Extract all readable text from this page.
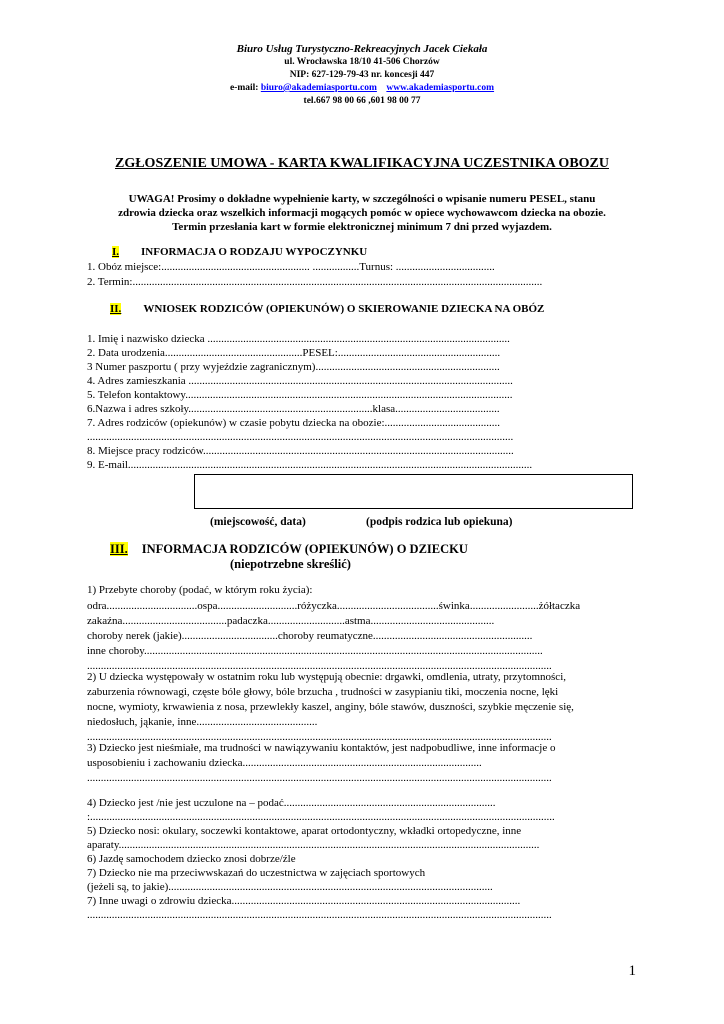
Biuro Usług Turystyczno-Rekreacyjnych Jacek Ciekała
ul. Wrocławska 18/10 41-506 Chorzów
NIP: 627-129-79-43 nr. koncesji 447
e-mail: biuro@akademiasportu.com www.akademiasportu.com
tel.667 98 00 66 ,601 98 00 77
ZGŁOSZENIE UMOWA - KARTA KWALIFIKACYJNA UCZESTNIKA OBOZU
UWAGA! Prosimy o dokładne wypełnienie karty, w szczególności o wpisanie numeru PESEL, stanu
zdrowia dziecka oraz wszelkich informacji mogących pomóc w opiece wychowawcom dziecka na obozie.
Termin przesłania kart w formie elektronicznej minimum 7 dni przed wyjazdem.
I. INFORMACJA O RODZAJU WYPOCZYNKU
1. Obóz miejsce:...................................................... .................Turnus: ....................................
2. Termin:.....................................................................................................................................................
II. WNIOSEK RODZICÓW (OPIEKUNÓW) O SKIEROWANIE DZIECKA NA OBÓZ
1. Imię i nazwisko dziecka ..............................................................................................................
2. Data urodzenia..................................................PESEL:...........................................................
3 Numer paszportu ( przy wyjeździe zagranicznym)...................................................................
4. Adres zamieszkania ......................................................................................................................
5. Telefon kontaktowy.......................................................................................................................
6.Nazwa i adres szkoły...................................................................klasa......................................
7. Adres rodziców (opiekunów) w czasie pobytu dziecka na obozie:..........................................
...........................................................................................................................................................
8. Miejsce pracy rodziców.................................................................................................................
9. E-mail...................................................................................................................................................
(miejscowość, data)	(podpis rodzica lub opiekuna)
III. INFORMACJA RODZICÓW (OPIEKUNÓW) O DZIECKU
(niepotrzebne skreślić)
1) Przebyte choroby (podać, w którym roku życia):
odra.................................ospa.............................różyczka.....................................świnka.........................żółtaczka
zakaźna......................................padaczka............................astma.............................................
choroby nerek (jakie)...................................choroby reumatyczne..........................................................
inne choroby.................................................................................................................................................
.........................................................................................................................................................................
2) U dziecka występowały w ostatnim roku lub występują obecnie: drgawki, omdlenia, utraty, przytomności,
zaburzenia równowagi, częste bóle głowy, bóle brzucha , trudności w zasypianiu tiki, moczenia nocne, lęki
nocne, wymioty, krwawienia z nosa, przewlekły kaszel, anginy, bóle stawów, duszności, szybkie męczenie się,
niedosłuch, jąkanie, inne............................................
.........................................................................................................................................................................
3) Dziecko jest nieśmiałe, ma trudności w nawiązywaniu kontaktów, jest nadpobudliwe, inne informacje o
usposobieniu i zachowaniu dziecka.......................................................................................
.........................................................................................................................................................................
4) Dziecko jest /nie jest uczulone na – podać.............................................................................
:.........................................................................................................................................................................
5) Dziecko nosi: okulary, soczewki kontaktowe, aparat ortodontyczny, wkładki ortopedyczne, inne
aparaty.........................................................................................................................................................
6) Jazdę samochodem dziecko znosi dobrze/źle
7) Dziecko nie ma przeciwwskazań do uczestnictwa w zajęciach sportowych
(jeżeli są, to jakie)......................................................................................................................
7) Inne uwagi o zdrowiu dziecka.........................................................................................................
.........................................................................................................................................................................
1
